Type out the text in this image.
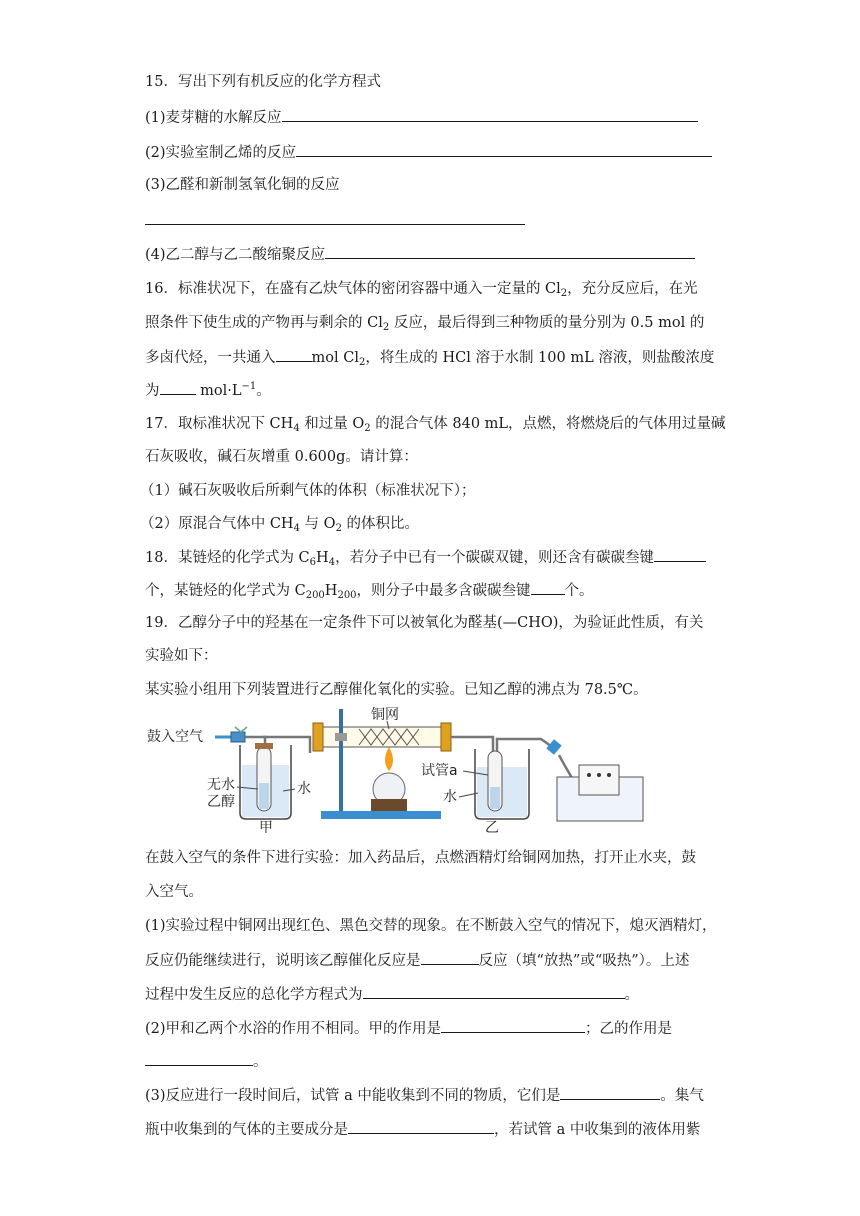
15．写出下列有机反应的化学方程式
(1)麦芽糖的水解反应
(2)实验室制乙烯的反应
(3)乙醛和新制氢氧化铜的反应
(4)乙二醇与乙二酸缩聚反应
16．标准状况下，在盛有乙炔气体的密闭容器中通入一定量的 $Cl_2$，充分反应后，在光
照条件下使生成的产物再与剩余的 $Cl_2$ 反应，最后得到三种物质的量分别为 0.5 mol 的
多卤代烃，一共通入 mol $Cl_2$，将生成的 HCl 溶于水制 100 mL 溶液，则盐酸浓度
为 $mol\cdot L^{-1}$。
17．取标准状况下 $CH_4$ 和过量 $O_2$ 的混合气体 840 mL，点燃，将燃烧后的气体用过量碱
石灰吸收，碱石灰增重 0.600g。请计算：
（1）碱石灰吸收后所剩气体的体积（标准状况下）；
（2）原混合气体中 $CH_4$ 与 $O_2$ 的体积比。
18．某链烃的化学式为 $C_6H_4$，若分子中已有一个碳碳双键，则还含有碳碳叁键
个，某链烃的化学式为 $C_{200}H_{200}$，则分子中最多含碳碳叁键 个。
19．乙醇分子中的羟基在一定条件下可以被氧化为醛基(—CHO)，为验证此性质，有关
实验如下：
某实验小组用下列装置进行乙醇催化氧化的实验。已知乙醇的沸点为 78.5℃。
鼓入空气
无水
乙醇
水
甲
铜网
试管a
水
乙
在鼓入空气的条件下进行实验：加入药品后，点燃酒精灯给铜网加热，打开止水夹，鼓
入空气。
(1)实验过程中铜网出现红色、黑色交替的现象。在不断鼓入空气的情况下，熄灭酒精灯，
反应仍能继续进行，说明该乙醇催化反应是	反应（填“放热”或“吸热”）。上述
过程中发生反应的总化学方程式为	。
(2)甲和乙两个水浴的作用不相同。甲的作用是	；乙的作用是
。
(3)反应进行一段时间后，试管 a 中能收集到不同的物质，它们是	。集气
瓶中收集到的气体的主要成分是	，若试管 a 中收集到的液体用紫
